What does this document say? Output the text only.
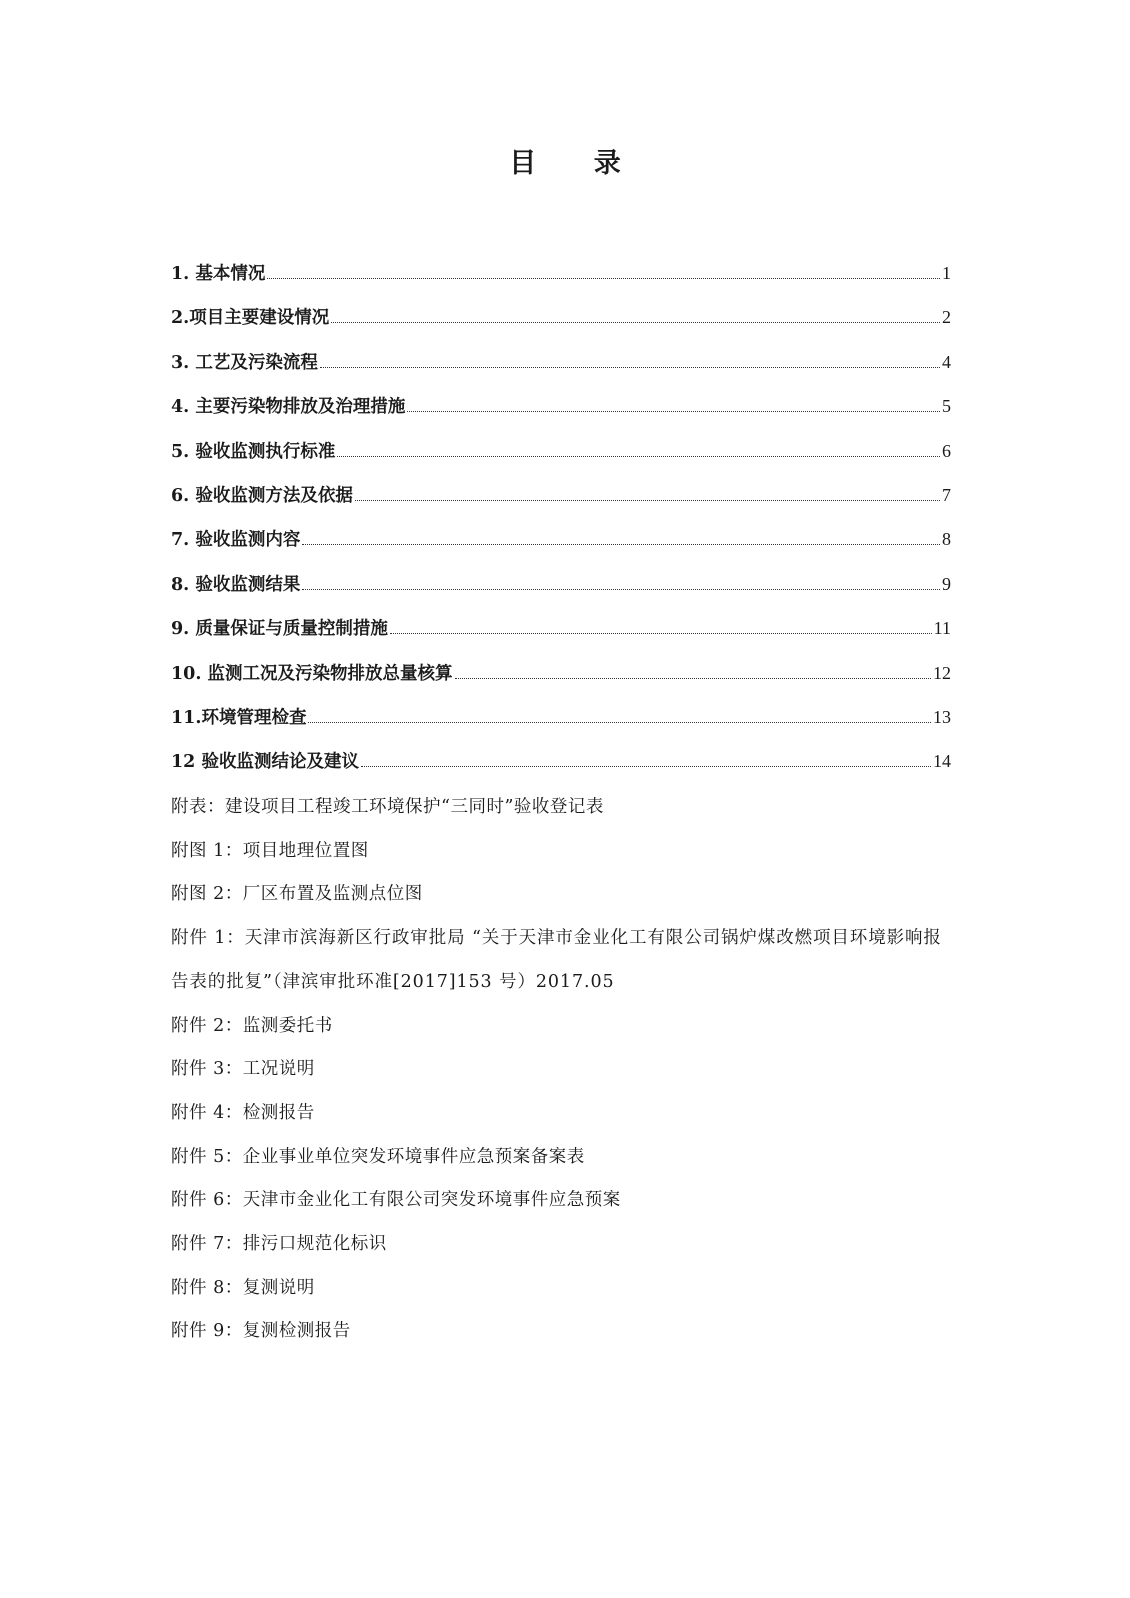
目 录
1. 基本情况	1
2.项目主要建设情况	2
3. 工艺及污染流程	4
4. 主要污染物排放及治理措施	5
5. 验收监测执行标准	6
6. 验收监测方法及依据	7
7. 验收监测内容	8
8. 验收监测结果	9
9. 质量保证与质量控制措施	11
10. 监测工况及污染物排放总量核算	12
11.环境管理检查	13
12 验收监测结论及建议	14
附表：建设项目工程竣工环境保护“三同时”验收登记表
附图 1：项目地理位置图
附图 2：厂区布置及监测点位图
附件 1：天津市滨海新区行政审批局 “关于天津市金业化工有限公司锅炉煤改燃项目环境影响报告表的批复”（津滨审批环准[2017]153 号）2017.05
附件 2：监测委托书
附件 3：工况说明
附件 4：检测报告
附件 5：企业事业单位突发环境事件应急预案备案表
附件 6：天津市金业化工有限公司突发环境事件应急预案
附件 7：排污口规范化标识
附件 8：复测说明
附件 9：复测检测报告
